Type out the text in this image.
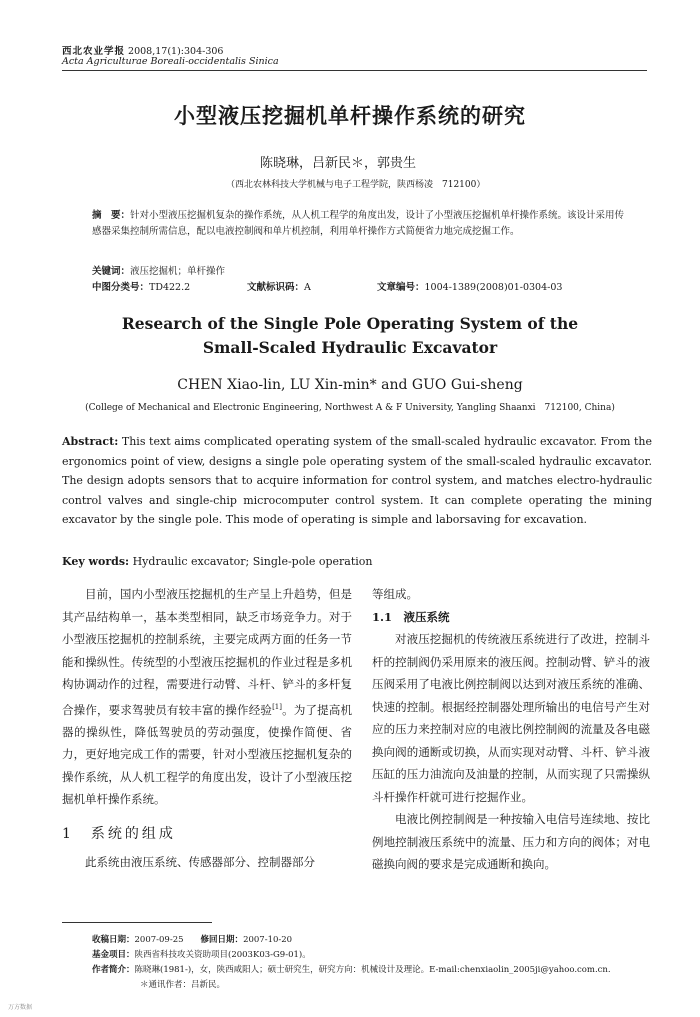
西北农业学报 2008,17(1):304-306
Acta Agriculturae Boreali-occidentalis Sinica
小型液压挖掘机单杆操作系统的研究
陈晓琳，吕新民＊，郭贵生
（西北农林科技大学机械与电子工程学院，陕西杨凌　712100）
摘　要：针对小型液压挖掘机复杂的操作系统，从人机工程学的角度出发，设计了小型液压挖掘机单杆操作系统。该设计采用传感器采集控制所需信息，配以电液控制阀和单片机控制，利用单杆操作方式简便省力地完成挖掘工作。
关键词：液压挖掘机；单杆操作
中图分类号：TD422.2	文献标识码：A	文章编号：1004-1389(2008)01-0304-03
Research of the Single Pole Operating System of the
Small-Scaled Hydraulic Excavator
CHEN Xiao-lin, LU Xin-min* and GUO Gui-sheng
(College of Mechanical and Electronic Engineering, Northwest A & F University, Yangling Shaanxi　712100, China)
Abstract: This text aims complicated operating system of the small-scaled hydraulic excavator. From the ergonomics point of view, designs a single pole operating system of the small-scaled hydraulic excavator. The design adopts sensors that to acquire information for control system, and matches electro-hydraulic control valves and single-chip microcomputer control system. It can complete operating the mining excavator by the single pole. This mode of operating is simple and laborsaving for excavation.
Key words: Hydraulic excavator; Single-pole operation

目前，国内小型液压挖掘机的生产呈上升趋势，但是其产品结构单一，基本类型相同，缺乏市场竞争力。对于小型液压挖掘机的控制系统，主要完成两方面的任务一节能和操纵性。传统型的小型液压挖掘机的作业过程是多机构协调动作的过程，需要进行动臂、斗杆、铲斗的多杆复合操作，要求驾驶员有较丰富的操作经验[1]。为了提高机器的操纵性，降低驾驶员的劳动强度，使操作简便、省力，更好地完成工作的需要，针对小型液压挖掘机复杂的操作系统，从人机工程学的角度出发，设计了小型液压挖掘机单杆操作系统。

1　系统的组成

此系统由液压系统、传感器部分、控制器部分

等组成。

1.1　液压系统

对液压挖掘机的传统液压系统进行了改进，控制斗杆的控制阀仍采用原来的液压阀。控制动臂、铲斗的液压阀采用了电液比例控制阀以达到对液压系统的准确、快速的控制。根据经控制器处理所输出的电信号产生对应的压力来控制对应的电液比例控制阀的流量及各电磁换向阀的通断或切换，从而实现对动臂、斗杆、铲斗液压缸的压力油流向及油量的控制，从而实现了只需操纵斗杆操作杆就可进行挖掘作业。

电液比例控制阀是一种按输入电信号连续地、按比例地控制液压系统中的流量、压力和方向的阀体；对电磁换向阀的要求是完成通断和换向。

收稿日期：2007-09-25　　 修回日期：2007-10-20
基金项目：陕西省科技攻关资助项目(2003K03-G9-01)。
作者简介：陈晓琳(1981-)，女，陕西咸阳人；硕士研究生，研究方向：机械设计及理论。E-mail:chenxiaolin_2005ji@yahoo.com.cn.
＊通讯作者：吕新民。
万方数据
